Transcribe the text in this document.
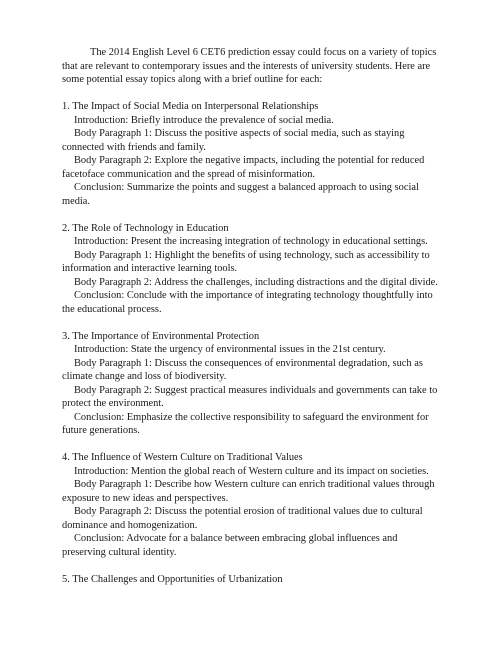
The 2014 English Level 6 CET6 prediction essay could focus on a variety of topics that are relevant to contemporary issues and the interests of university students. Here are some potential essay topics along with a brief outline for each:

1. The Impact of Social Media on Interpersonal Relationships

Introduction: Briefly introduce the prevalence of social media.

Body Paragraph 1: Discuss the positive aspects of social media, such as staying connected with friends and family.

Body Paragraph 2: Explore the negative impacts, including the potential for reduced facetoface communication and the spread of misinformation.

Conclusion: Summarize the points and suggest a balanced approach to using social media.

2. The Role of Technology in Education

Introduction: Present the increasing integration of technology in educational settings.

Body Paragraph 1: Highlight the benefits of using technology, such as accessibility to information and interactive learning tools.

Body Paragraph 2: Address the challenges, including distractions and the digital divide.

Conclusion: Conclude with the importance of integrating technology thoughtfully into the educational process.

3. The Importance of Environmental Protection

Introduction: State the urgency of environmental issues in the 21st century.

Body Paragraph 1: Discuss the consequences of environmental degradation, such as climate change and loss of biodiversity.

Body Paragraph 2: Suggest practical measures individuals and governments can take to protect the environment.

Conclusion: Emphasize the collective responsibility to safeguard the environment for future generations.

4. The Influence of Western Culture on Traditional Values

Introduction: Mention the global reach of Western culture and its impact on societies.

Body Paragraph 1: Describe how Western culture can enrich traditional values through exposure to new ideas and perspectives.

Body Paragraph 2: Discuss the potential erosion of traditional values due to cultural dominance and homogenization.

Conclusion: Advocate for a balance between embracing global influences and preserving cultural identity.

5. The Challenges and Opportunities of Urbanization
